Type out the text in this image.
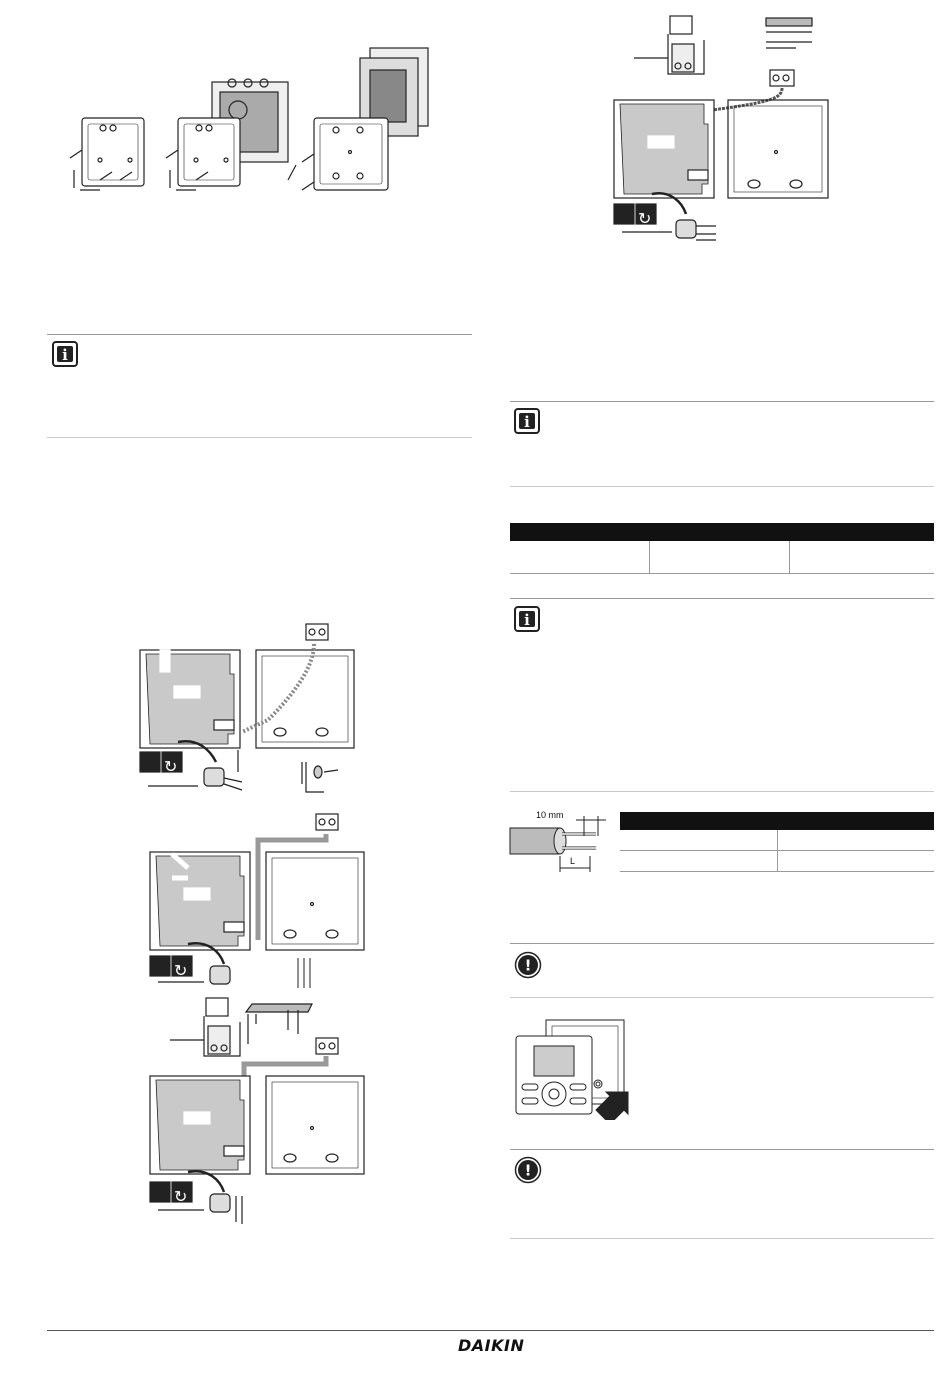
i
↻
↻
↻
↻
i

i
10 mm
L

!
!
DAIKIN
